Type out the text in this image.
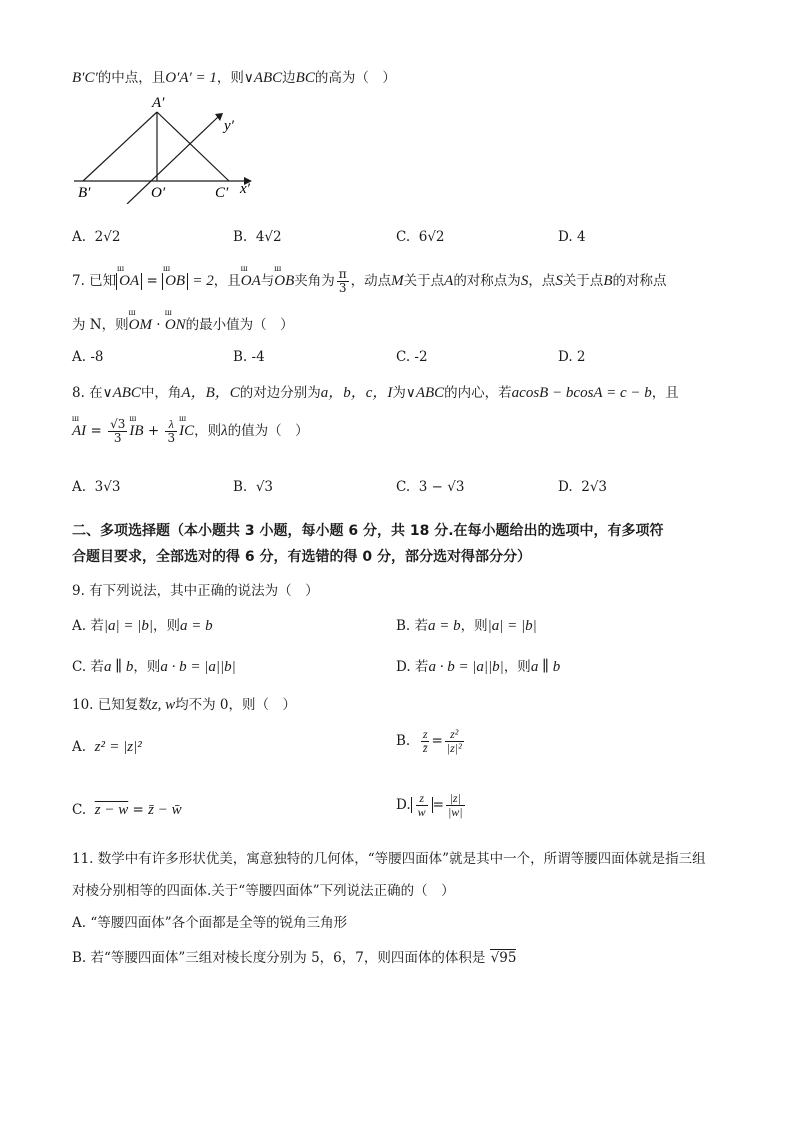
B′C′的中点，且O′A′ = 1，则∨ABC边BC的高为（　）
A′
B′	O′	C′ x′
y′
A. 2√2	B. 4√2	C. 6√2	D. 4
7. 已知 ш OA = ш OB = 2，且ш OA与ш OB夹角为 $\frac{\pi}{3}$ ，动点M关于点A的对称点为S，点S关于点B的对称点
为 N，则ш OM · ш ON的最小值为（　）
A. -8	B. -4	C. -2	D. 2
8. 在∨ABC中，角A，B，C的对边分别为a，b，c，I为∨ABC的内心，若acosB − bcosA = c − b，且
ш AI = $\frac{√3}{3}$ ш IB + $\frac{\lambda}{3}$ ш IC，则λ的值为（　）
A. 3√3	B. √3	C. 3 − √3	D. 2√3
二、多项选择题（本小题共 3 小题，每小题 6 分，共 18 分.在每小题给出的选项中，有多项符
合题目要求，全部选对的得 6 分，有选错的得 0 分，部分选对得部分分）
9. 有下列说法，其中正确的说法为（　）
A. 若|a| = |b|，则a = b	B. 若a = b，则|a| = |b|
C. 若a ∥ b，则a · b = |a||b|	D. 若a · b = |a||b|，则a ∥ b
10. 已知复数z, w均不为 0，则（　）
A. z² = |z|²	B. $\frac{z}{z̄} = \frac{\text{z²}}{\text{|z|²}}$
C. z − w = z̄ − w̄	D. $\frac{z}{w} = \frac{|z|}{|w|}$
11. 数学中有许多形状优美，寓意独特的几何体，“等腰四面体”就是其中一个，所谓等腰四面体就是指三组
对棱分别相等的四面体.关于“等腰四面体”下列说法正确的（　）
A. “等腰四面体”各个面都是全等的锐角三角形
B. 若“等腰四面体”三组对棱长度分别为 5，6，7，则四面体的体积是 √95
